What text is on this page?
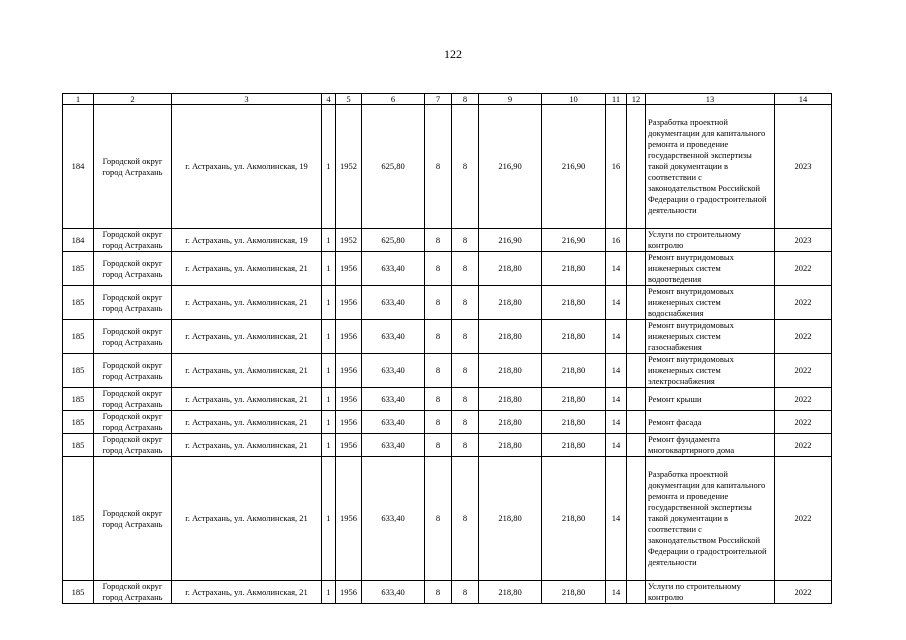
122
1	2	3	4	5	6	7	8	9	10	11	12	13	14
184	Городской округ город Астрахань	г. Астрахань, ул. Акмолинская, 19	1	1952	625,80	8	8	216,90	216,90	16		Разработка проектной документации для капитального ремонта и проведение государственной экспертизы такой документации в соответствии с законодательством Российской Федерации о градостроительной деятельности	2023
184	Городской округ город Астрахань	г. Астрахань, ул. Акмолинская, 19	1	1952	625,80	8	8	216,90	216,90	16		Услуги по строительному контролю	2023
185	Городской округ город Астрахань	г. Астрахань, ул. Акмолинская, 21	1	1956	633,40	8	8	218,80	218,80	14		Ремонт внутридомовых инженерных систем водоотведения	2022
185	Городской округ город Астрахань	г. Астрахань, ул. Акмолинская, 21	1	1956	633,40	8	8	218,80	218,80	14		Ремонт внутридомовых инженерных систем водоснабжения	2022
185	Городской округ город Астрахань	г. Астрахань, ул. Акмолинская, 21	1	1956	633,40	8	8	218,80	218,80	14		Ремонт внутридомовых инженерных систем газоснабжения	2022
185	Городской округ город Астрахань	г. Астрахань, ул. Акмолинская, 21	1	1956	633,40	8	8	218,80	218,80	14		Ремонт внутридомовых инженерных систем электроснабжения	2022
185	Городской округ город Астрахань	г. Астрахань, ул. Акмолинская, 21	1	1956	633,40	8	8	218,80	218,80	14		Ремонт крыши	2022
185	Городской округ город Астрахань	г. Астрахань, ул. Акмолинская, 21	1	1956	633,40	8	8	218,80	218,80	14		Ремонт фасада	2022
185	Городской округ город Астрахань	г. Астрахань, ул. Акмолинская, 21	1	1956	633,40	8	8	218,80	218,80	14		Ремонт фундамента многоквартирного дома	2022
185	Городской округ город Астрахань	г. Астрахань, ул. Акмолинская, 21	1	1956	633,40	8	8	218,80	218,80	14		Разработка проектной документации для капитального ремонта и проведение государственной экспертизы такой документации в соответствии с законодательством Российской Федерации о градостроительной деятельности	2022
185	Городской округ город Астрахань	г. Астрахань, ул. Акмолинская, 21	1	1956	633,40	8	8	218,80	218,80	14		Услуги по строительному контролю	2022
